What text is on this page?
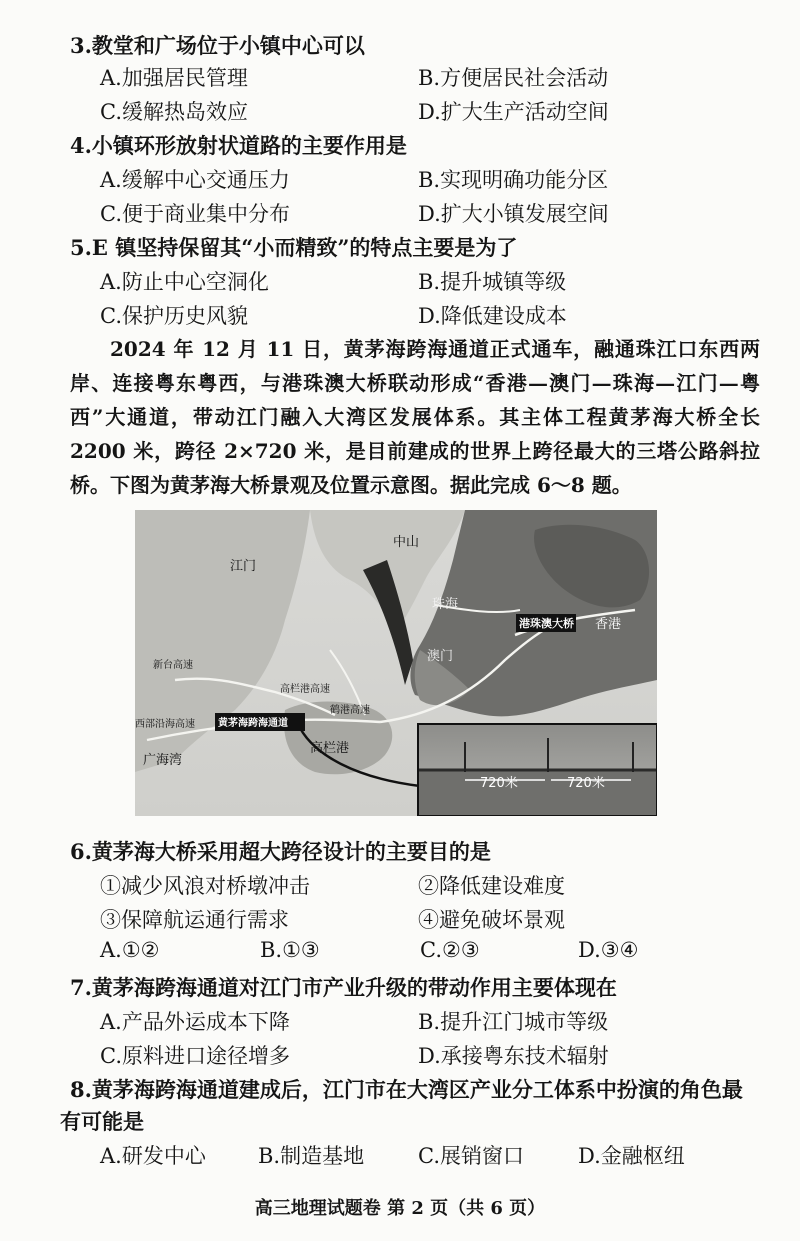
3.教堂和广场位于小镇中心可以
A.加强居民管理	B.方便居民社会活动
C.缓解热岛效应	D.扩大生产活动空间
4.小镇环形放射状道路的主要作用是
A.缓解中心交通压力	B.实现明确功能分区
C.便于商业集中分布	D.扩大小镇发展空间
5.E 镇坚持保留其“小而精致”的特点主要是为了
A.防止中心空洞化	B.提升城镇等级
C.保护历史风貌	D.降低建设成本

2024 年 12 月 11 日，黄茅海跨海通道正式通车，融通珠江口东西两岸、连接粤东粤西，与港珠澳大桥联动形成“香港—澳门—珠海—江门—粤西”大通道，带动江门融入大湾区发展体系。其主体工程黄茅海大桥全长 2200 米，跨径 2×720 米，是目前建成的世界上跨径最大的三塔公路斜拉桥。下图为黄茅海大桥景观及位置示意图。据此完成 6～8 题。

中山
江门
珠海
港珠澳大桥 香港
新台高速
澳门
高栏港高速
鹤港高速
西部沿海高速 黄茅海跨海通道
广海湾
高栏港
720米	720米
6.黄茅海大桥采用超大跨径设计的主要目的是
①减少风浪对桥墩冲击	②降低建设难度
③保障航运通行需求	④避免破坏景观
A.①②	B.①③	C.②③	D.③④
7.黄茅海跨海通道对江门市产业升级的带动作用主要体现在
A.产品外运成本下降	B.提升江门城市等级
C.原料进口途径增多	D.承接粤东技术辐射
8.黄茅海跨海通道建成后，江门市在大湾区产业分工体系中扮演的角色最
有可能是
A.研发中心 B.制造基地	C.展销窗口	D.金融枢纽
高三地理试题卷 第 2 页（共 6 页）
